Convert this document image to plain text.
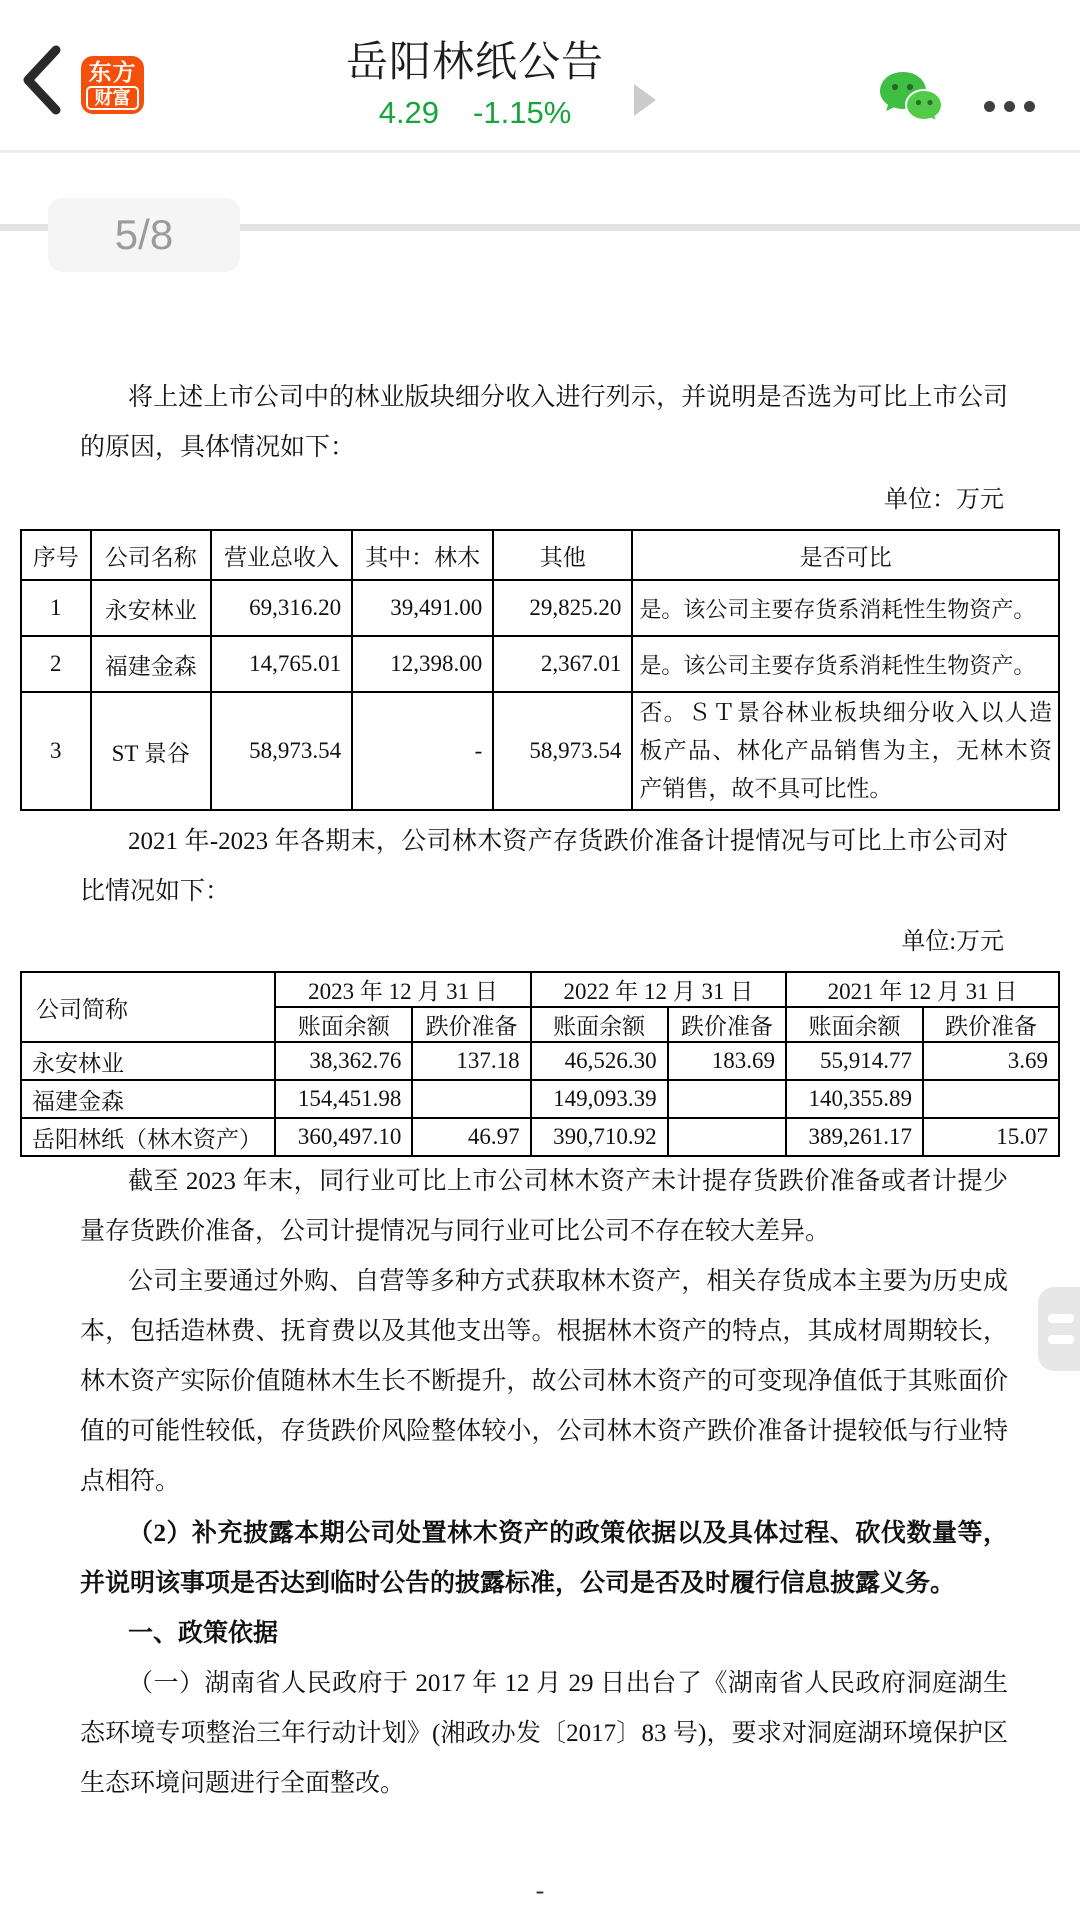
东方
财富
岳阳林纸公告
4.29 -1.15%
5/8
-

将上述上市公司中的林业版块细分收入进行列示，并说明是否选为可比上市公司的原因，具体情况如下：

单位：万元
序号	公司名称	营业总收入	其中：林木	其他	是否可比
1	永安林业	69,316.20	39,491.00	29,825.20	是。该公司主要存货系消耗性生物资产。
2	福建金森	14,765.01	12,398.00	2,367.01	是。该公司主要存货系消耗性生物资产。
3	ST 景谷	58,973.54	-	58,973.54	否。ＳＴ景谷林业板块细分收入以人造板产品、林化产品销售为主，无林木资产销售，故不具可比性。

2021 年-2023 年各期末，公司林木资产存货跌价准备计提情况与可比上市公司对比情况如下：

单位:万元
公司简称	2023 年 12 月 31 日		2022 年 12 月 31 日		2021 年 12 月 31 日	
	账面余额	跌价准备	账面余额	跌价准备	账面余额	跌价准备
永安林业	38,362.76	137.18	46,526.30	183.69	55,914.77	3.69
福建金森	154,451.98		149,093.39		140,355.89	
岳阳林纸（林木资产）	360,497.10	46.97	390,710.92		389,261.17	15.07

截至 2023 年末，同行业可比上市公司林木资产未计提存货跌价准备或者计提少量存货跌价准备，公司计提情况与同行业可比公司不存在较大差异。

公司主要通过外购、自营等多种方式获取林木资产，相关存货成本主要为历史成本，包括造林费、抚育费以及其他支出等。根据林木资产的特点，其成材周期较长，林木资产实际价值随林木生长不断提升，故公司林木资产的可变现净值低于其账面价值的可能性较低，存货跌价风险整体较小，公司林木资产跌价准备计提较低与行业特点相符。

（2）补充披露本期公司处置林木资产的政策依据以及具体过程、砍伐数量等，并说明该事项是否达到临时公告的披露标准，公司是否及时履行信息披露义务。

一、政策依据

（一）湖南省人民政府于 2017 年 12 月 29 日出台了《湖南省人民政府洞庭湖生态环境专项整治三年行动计划》(湘政办发〔2017〕83 号)，要求对洞庭湖环境保护区生态环境问题进行全面整改。
